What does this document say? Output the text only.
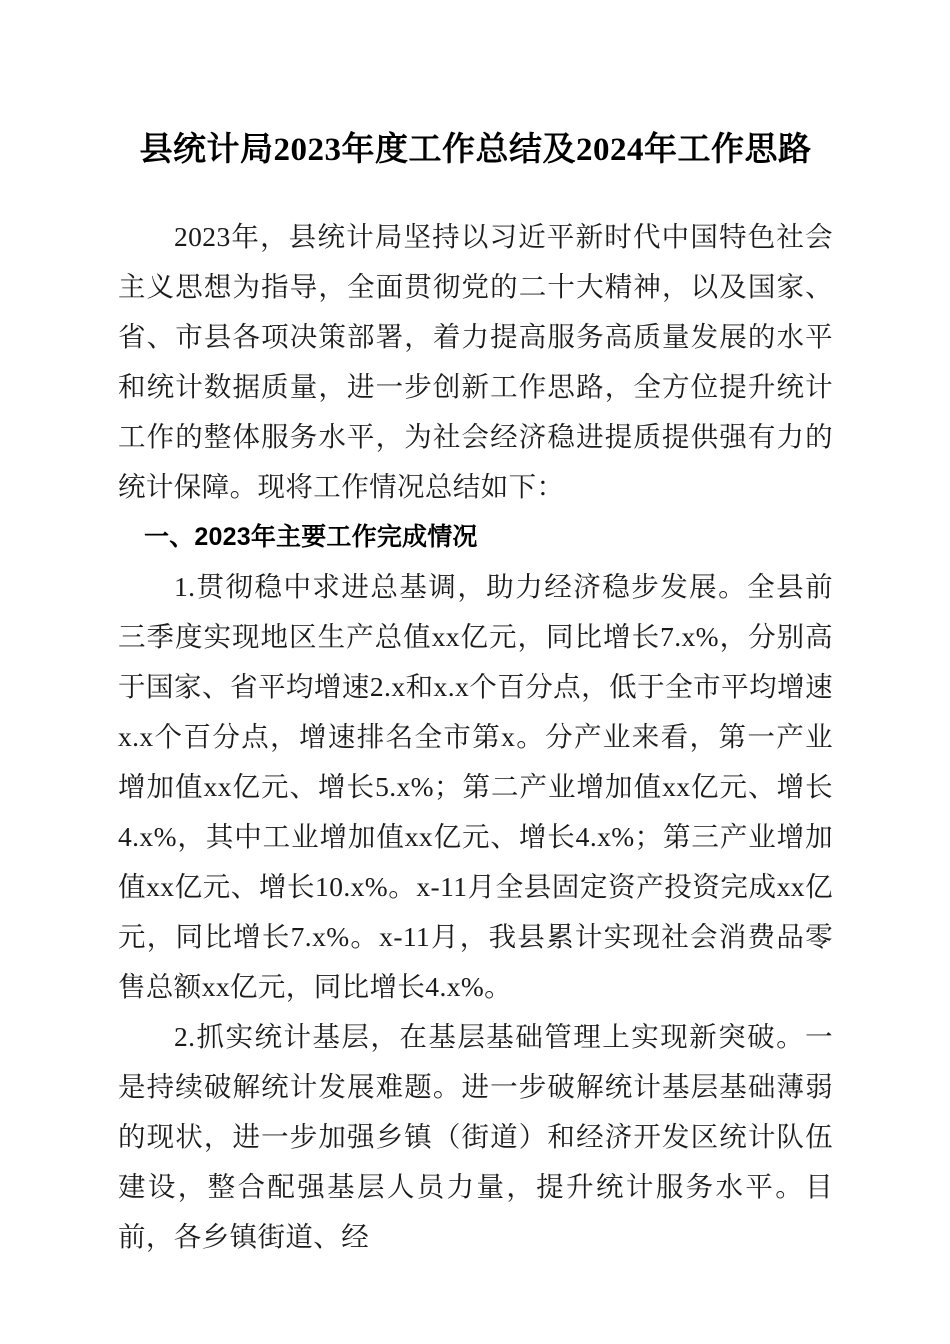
县统计局2023年度工作总结及2024年工作思路

2023年，县统计局坚持以习近平新时代中国特色社会主义思想为指导，全面贯彻党的二十大精神，以及国家、省、市县各项决策部署，着力提高服务高质量发展的水平和统计数据质量，进一步创新工作思路，全方位提升统计工作的整体服务水平，为社会经济稳进提质提供强有力的统计保障。现将工作情况总结如下：

一、2023年主要工作完成情况

1.贯彻稳中求进总基调，助力经济稳步发展。全县前三季度实现地区生产总值xx亿元，同比增长7.x%，分别高于国家、省平均增速2.x和x.x个百分点，低于全市平均增速x.x个百分点，增速排名全市第x。分产业来看，第一产业增加值xx亿元、增长5.x%；第二产业增加值xx亿元、增长4.x%，其中工业增加值xx亿元、增长4.x%；第三产业增加值xx亿元、增长10.x%。x-11月全县固定资产投资完成xx亿元，同比增长7.x%。x-11月，我县累计实现社会消费品零售总额xx亿元，同比增长4.x%。

2.抓实统计基层，在基层基础管理上实现新突破。一是持续破解统计发展难题。进一步破解统计基层基础薄弱的现状，进一步加强乡镇（街道）和经济开发区统计队伍建设，整合配强基层人员力量，提升统计服务水平。目前，各乡镇街道、经
